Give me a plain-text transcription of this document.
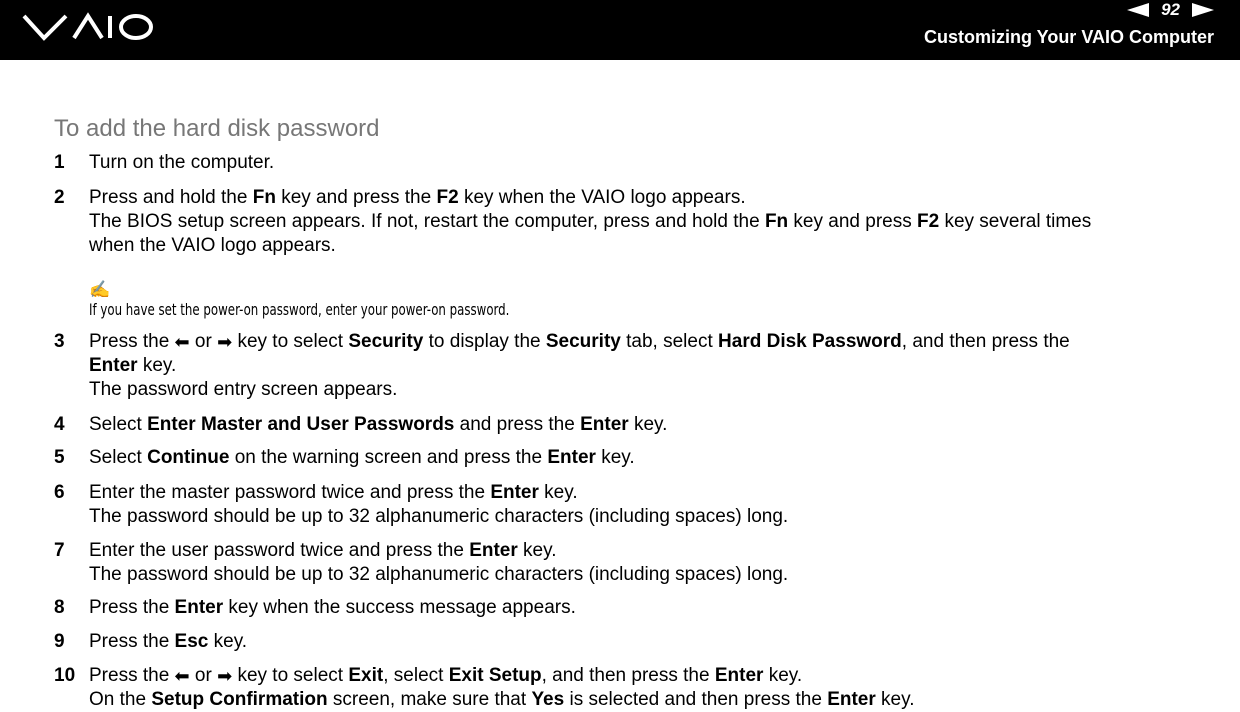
92
Customizing Your VAIO Computer
To add the hard disk password
1 Turn on the computer.
2 Press and hold the Fn key and press the F2 key when the VAIO logo appears.
The BIOS setup screen appears. If not, restart the computer, press and hold the Fn key and press F2 key several times
when the VAIO logo appears.
✍
If you have set the power-on password, enter your power-on password.
3 Press the ⬅ or ➡ key to select Security to display the Security tab, select Hard Disk Password, and then press the
Enter key.
The password entry screen appears.
4 Select Enter Master and User Passwords and press the Enter key.
5 Select Continue on the warning screen and press the Enter key.
6 Enter the master password twice and press the Enter key.
The password should be up to 32 alphanumeric characters (including spaces) long.
7 Enter the user password twice and press the Enter key.
The password should be up to 32 alphanumeric characters (including spaces) long.
8 Press the Enter key when the success message appears.
9 Press the Esc key.
10 Press the ⬅ or ➡ key to select Exit, select Exit Setup, and then press the Enter key.
On the Setup Confirmation screen, make sure that Yes is selected and then press the Enter key.
